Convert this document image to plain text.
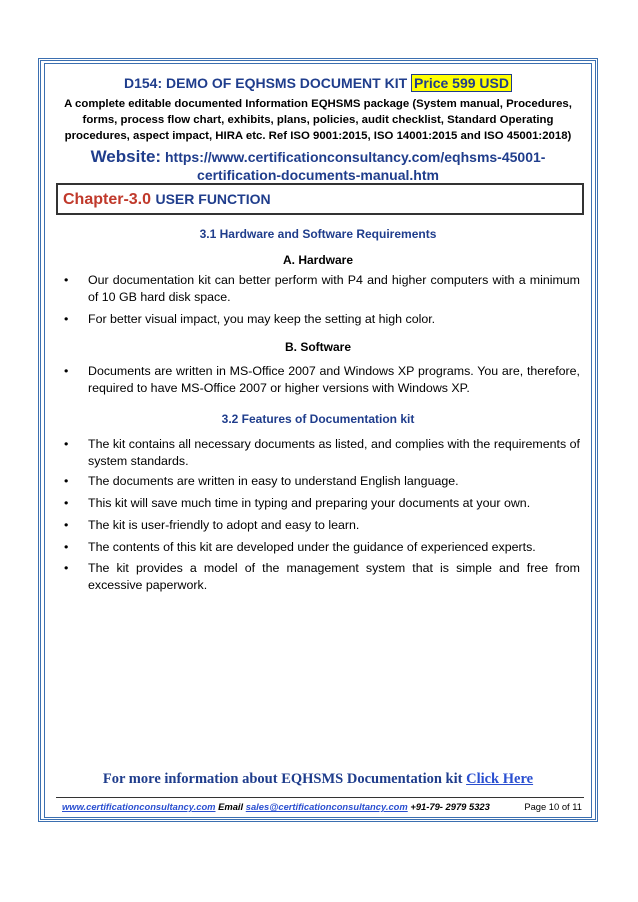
D154: DEMO OF EQHSMS DOCUMENT KIT Price 599 USD
A complete editable documented Information EQHSMS package (System manual, Procedures,
forms, process flow chart, exhibits, plans, policies, audit checklist, Standard Operating
procedures, aspect impact, HIRA etc. Ref ISO 9001:2015, ISO 14001:2015 and ISO 45001:2018)
Website: https://www.certificationconsultancy.com/eqhsms-45001-
certification-documents-manual.htm
Chapter-3.0 USER FUNCTION
3.1 Hardware and Software Requirements
A. Hardware
• Our documentation kit can better perform with P4 and higher computers with a minimum of 10 GB hard disk space.
• For better visual impact, you may keep the setting at high color.
B. Software
• Documents are written in MS-Office 2007 and Windows XP programs. You are, therefore, required to have MS-Office 2007 or higher versions with Windows XP.
3.2 Features of Documentation kit
• The kit contains all necessary documents as listed, and complies with the requirements of system standards.
• The documents are written in easy to understand English language.
• This kit will save much time in typing and preparing your documents at your own.
• The kit is user-friendly to adopt and easy to learn.
• The contents of this kit are developed under the guidance of experienced experts.
• The kit provides a model of the management system that is simple and free from excessive paperwork.
For more information about EQHSMS Documentation kit Click Here
www.certificationconsultancy.com Email sales@certificationconsultancy.com +91-79- 2979 5323	Page 10 of 11
